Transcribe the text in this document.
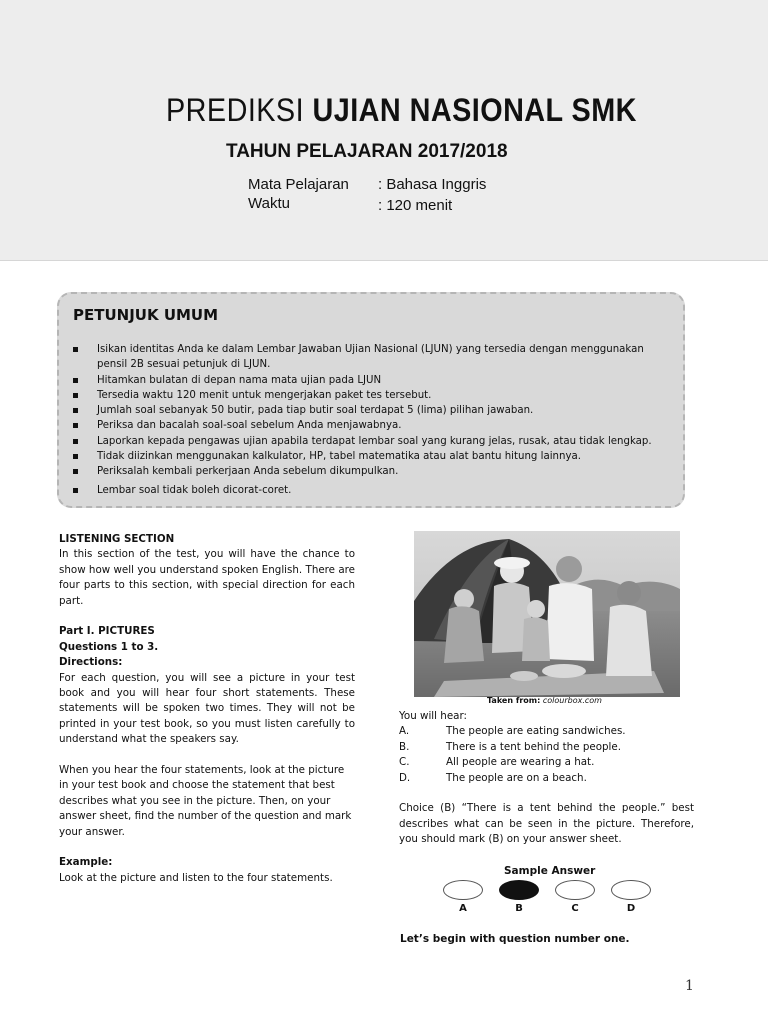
PREDIKSI UJIAN NASIONAL SMK
TAHUN PELAJARAN 2017/2018
Mata Pelajaran : Bahasa Inggris
Waktu	: 120 menit
PETUNJUK UMUM
Isikan identitas Anda ke dalam Lembar Jawaban Ujian Nasional (LJUN) yang tersedia dengan menggunakan pensil 2B sesuai petunjuk di LJUN.
Hitamkan bulatan di depan nama mata ujian pada LJUN
Tersedia waktu 120 menit untuk mengerjakan paket tes tersebut.
Jumlah soal sebanyak 50 butir, pada tiap butir soal terdapat 5 (lima) pilihan jawaban.
Periksa dan bacalah soal-soal sebelum Anda menjawabnya.
Laporkan kepada pengawas ujian apabila terdapat lembar soal yang kurang jelas, rusak, atau tidak lengkap.
Tidak diizinkan menggunakan kalkulator, HP, tabel matematika atau alat bantu hitung lainnya.
Periksalah kembali perkerjaan Anda sebelum dikumpulkan.
Lembar soal tidak boleh dicorat-coret.

LISTENING SECTION

In this section of the test, you will have the chance to show how well you understand spoken English. There are four parts to this section, with special direction for each part.

Part I. PICTURES

Questions 1 to 3.

Directions:

For each question, you will see a picture in your test book and you will hear four short statements. These statements will be spoken two times. They will not be printed in your test book, so you must listen carefully to understand what the speakers say.

When you hear the four statements, look at the picture in your test book and choose the statement that best describes what you see in the picture. Then, on your answer sheet, find the number of the question and mark your answer.

Example:

Look at the picture and listen to the four statements.

Taken from: colourbox.com

You will hear:

A.	The people are eating sandwiches.

B.	There is a tent behind the people.

C.	All people are wearing a hat.

D.	The people are on a beach.

Choice (B) “There is a tent behind the people.” best describes what can be seen in the picture. Therefore, you should mark (B) on your answer sheet.

Sample Answer
A	B	C	D
Let’s begin with question number one.
1
